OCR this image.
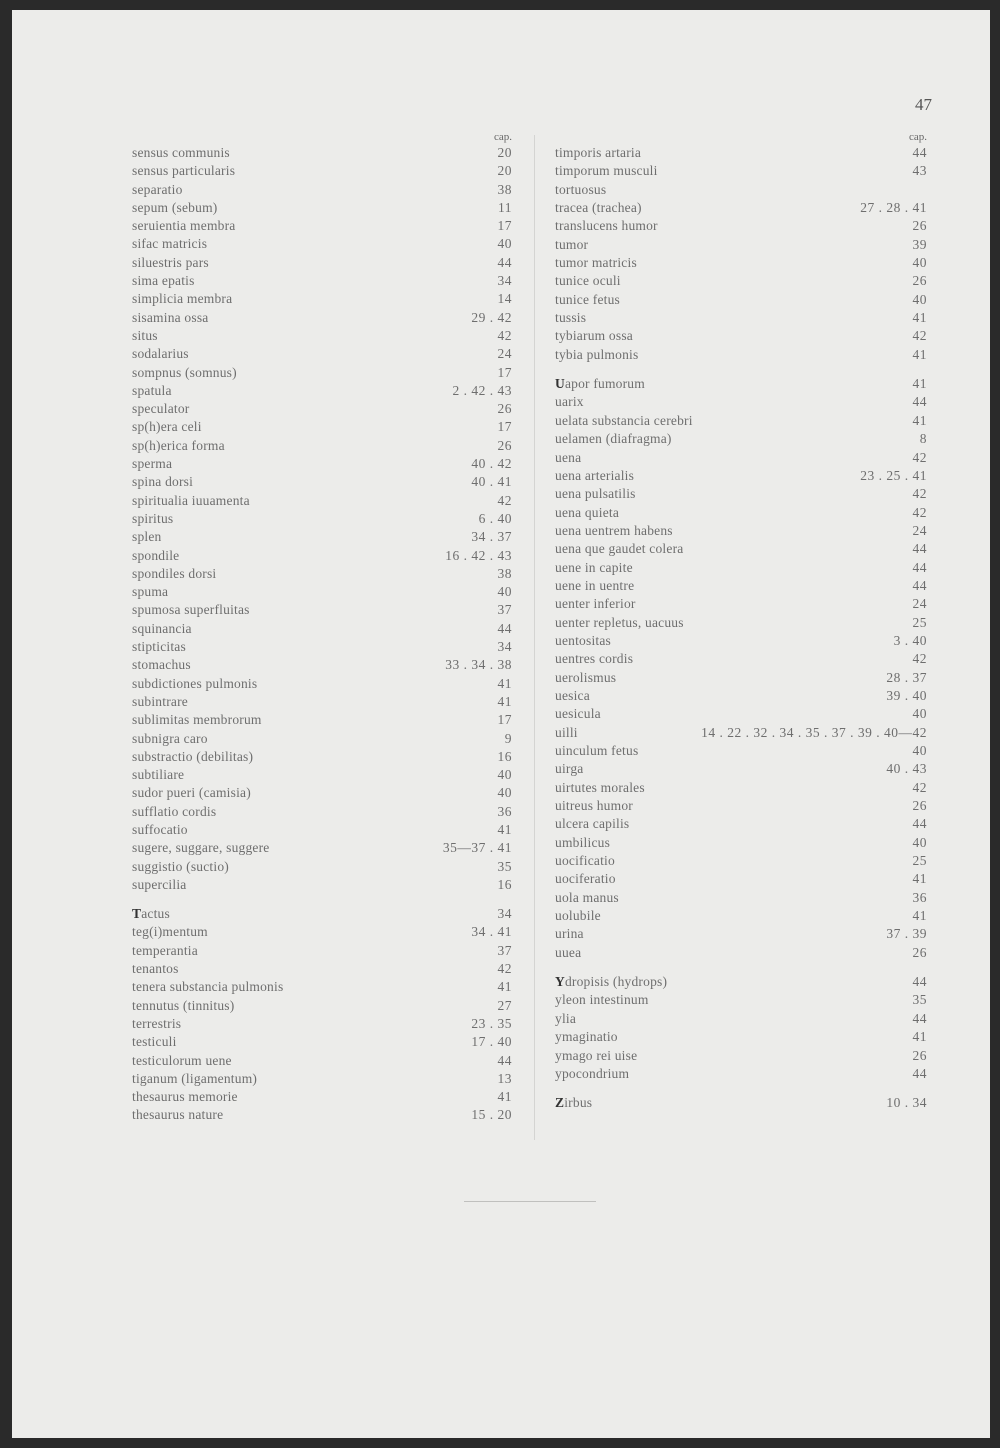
47
cap.
sensus communis	20
sensus particularis	20
separatio	38
sepum (sebum)	11
seruientia membra	17
sifac matricis	40
siluestris pars	44
sima epatis	34
simplicia membra	14
sisamina ossa	29 . 42
situs	42
sodalarius	24
sompnus (somnus)	17
spatula	2 . 42 . 43
speculator	26
sp(h)era celi	17
sp(h)erica forma	26
sperma	40 . 42
spina dorsi	40 . 41
spiritualia iuuamenta	42
spiritus	6 . 40
splen	34 . 37
spondile	16 . 42 . 43
spondiles dorsi	38
spuma	40
spumosa superfluitas	37
squinancia	44
stipticitas	34
stomachus	33 . 34 . 38
subdictiones pulmonis	41
subintrare	41
sublimitas membrorum	17
subnigra caro	9
substractio (debilitas)	16
subtiliare	40
sudor pueri (camisia)	40
sufflatio cordis	36
suffocatio	41
sugere, suggare, suggere	35—37 . 41
suggistio (suctio)	35
supercilia	16
Tactus	34
teg(i)mentum	34 . 41
temperantia	37
tenantos	42
tenera substancia pulmonis	41
tennutus (tinnitus)	27
terrestris	23 . 35
testiculi	17 . 40
testiculorum uene	44
tiganum (ligamentum)	13
thesaurus memorie	41
thesaurus nature	15 . 20
cap.
timporis artaria	44
timporum musculi	43
tortuosus
tracea (trachea)	27 . 28 . 41
translucens humor	26
tumor	39
tumor matricis	40
tunice oculi	26
tunice fetus	40
tussis	41
tybiarum ossa	42
tybia pulmonis	41
Uapor fumorum	41
uarix	44
uelata substancia cerebri	41
uelamen (diafragma)	8
uena	42
uena arterialis	23 . 25 . 41
uena pulsatilis	42
uena quieta	42
uena uentrem habens	24
uena que gaudet colera	44
uene in capite	44
uene in uentre	44
uenter inferior	24
uenter repletus, uacuus	25
uentositas	3 . 40
uentres cordis	42
uerolismus	28 . 37
uesica	39 . 40
uesicula	40
uilli	14 . 22 . 32 . 34 . 35 . 37 . 39 . 40—42
uinculum fetus	40
uirga	40 . 43
uirtutes morales	42
uitreus humor	26
ulcera capilis	44
umbilicus	40
uocificatio	25
uociferatio	41
uola manus	36
uolubile	41
urina	37 . 39
uuea	26
Ydropisis (hydrops)	44
yleon intestinum	35
ylia	44
ymaginatio	41
ymago rei uise	26
ypocondrium	44
Zirbus	10 . 34
